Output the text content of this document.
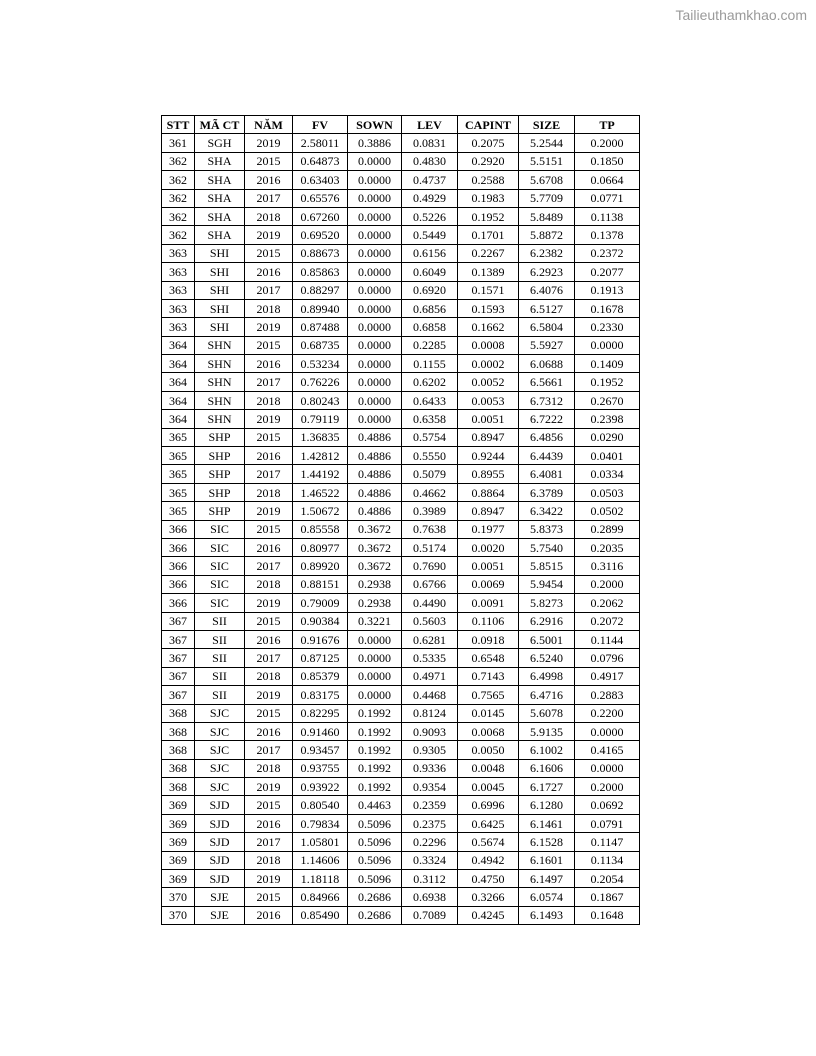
Tailieuthamkhao.com
STT	MÃ CT	NĂM	FV	SOWN	LEV	CAPINT	SIZE	TP
361	SGH	2019	2.58011	0.3886	0.0831	0.2075	5.2544	0.2000
362	SHA	2015	0.64873	0.0000	0.4830	0.2920	5.5151	0.1850
362	SHA	2016	0.63403	0.0000	0.4737	0.2588	5.6708	0.0664
362	SHA	2017	0.65576	0.0000	0.4929	0.1983	5.7709	0.0771
362	SHA	2018	0.67260	0.0000	0.5226	0.1952	5.8489	0.1138
362	SHA	2019	0.69520	0.0000	0.5449	0.1701	5.8872	0.1378
363	SHI	2015	0.88673	0.0000	0.6156	0.2267	6.2382	0.2372
363	SHI	2016	0.85863	0.0000	0.6049	0.1389	6.2923	0.2077
363	SHI	2017	0.88297	0.0000	0.6920	0.1571	6.4076	0.1913
363	SHI	2018	0.89940	0.0000	0.6856	0.1593	6.5127	0.1678
363	SHI	2019	0.87488	0.0000	0.6858	0.1662	6.5804	0.2330
364	SHN	2015	0.68735	0.0000	0.2285	0.0008	5.5927	0.0000
364	SHN	2016	0.53234	0.0000	0.1155	0.0002	6.0688	0.1409
364	SHN	2017	0.76226	0.0000	0.6202	0.0052	6.5661	0.1952
364	SHN	2018	0.80243	0.0000	0.6433	0.0053	6.7312	0.2670
364	SHN	2019	0.79119	0.0000	0.6358	0.0051	6.7222	0.2398
365	SHP	2015	1.36835	0.4886	0.5754	0.8947	6.4856	0.0290
365	SHP	2016	1.42812	0.4886	0.5550	0.9244	6.4439	0.0401
365	SHP	2017	1.44192	0.4886	0.5079	0.8955	6.4081	0.0334
365	SHP	2018	1.46522	0.4886	0.4662	0.8864	6.3789	0.0503
365	SHP	2019	1.50672	0.4886	0.3989	0.8947	6.3422	0.0502
366	SIC	2015	0.85558	0.3672	0.7638	0.1977	5.8373	0.2899
366	SIC	2016	0.80977	0.3672	0.5174	0.0020	5.7540	0.2035
366	SIC	2017	0.89920	0.3672	0.7690	0.0051	5.8515	0.3116
366	SIC	2018	0.88151	0.2938	0.6766	0.0069	5.9454	0.2000
366	SIC	2019	0.79009	0.2938	0.4490	0.0091	5.8273	0.2062
367	SII	2015	0.90384	0.3221	0.5603	0.1106	6.2916	0.2072
367	SII	2016	0.91676	0.0000	0.6281	0.0918	6.5001	0.1144
367	SII	2017	0.87125	0.0000	0.5335	0.6548	6.5240	0.0796
367	SII	2018	0.85379	0.0000	0.4971	0.7143	6.4998	0.4917
367	SII	2019	0.83175	0.0000	0.4468	0.7565	6.4716	0.2883
368	SJC	2015	0.82295	0.1992	0.8124	0.0145	5.6078	0.2200
368	SJC	2016	0.91460	0.1992	0.9093	0.0068	5.9135	0.0000
368	SJC	2017	0.93457	0.1992	0.9305	0.0050	6.1002	0.4165
368	SJC	2018	0.93755	0.1992	0.9336	0.0048	6.1606	0.0000
368	SJC	2019	0.93922	0.1992	0.9354	0.0045	6.1727	0.2000
369	SJD	2015	0.80540	0.4463	0.2359	0.6996	6.1280	0.0692
369	SJD	2016	0.79834	0.5096	0.2375	0.6425	6.1461	0.0791
369	SJD	2017	1.05801	0.5096	0.2296	0.5674	6.1528	0.1147
369	SJD	2018	1.14606	0.5096	0.3324	0.4942	6.1601	0.1134
369	SJD	2019	1.18118	0.5096	0.3112	0.4750	6.1497	0.2054
370	SJE	2015	0.84966	0.2686	0.6938	0.3266	6.0574	0.1867
370	SJE	2016	0.85490	0.2686	0.7089	0.4245	6.1493	0.1648
